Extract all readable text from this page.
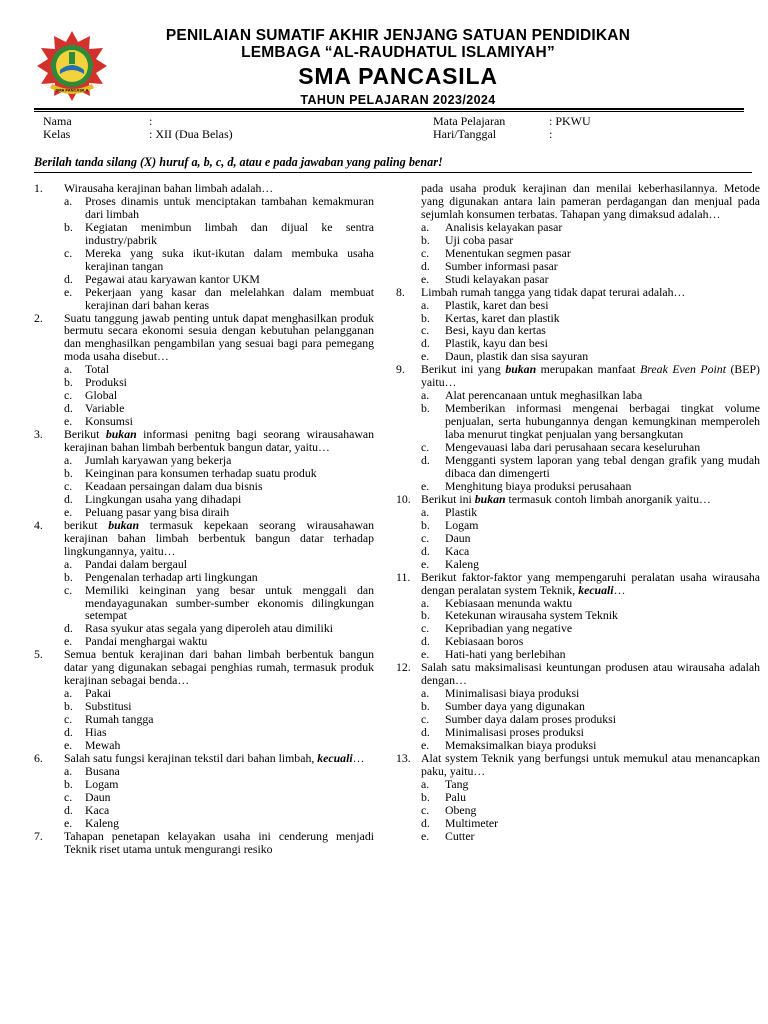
SMA PANCASILA
PENILAIAN SUMATIF AKHIR JENJANG SATUAN PENDIDIKAN
LEMBAGA “AL-RAUDHATUL ISLAMIYAH”
SMA PANCASILA
TAHUN PELAJARAN 2023/2024
Nama	:
Kelas	: XII (Dua Belas)
Mata Pelajaran	: PKWU
Hari/Tanggal	:
Berilah tanda silang (X) huruf a, b, c, d, atau e pada jawaban yang paling benar!
1. Wirausaha kerajinan bahan limbah adalah…
a. Proses dinamis untuk menciptakan tambahan kemakmuran dari limbah
b. Kegiatan menimbun limbah dan dijual ke sentra industry/pabrik
c. Mereka yang suka ikut-ikutan dalam membuka usaha kerajinan tangan
d. Pegawai atau karyawan kantor UKM
e. Pekerjaan yang kasar dan melelahkan dalam membuat kerajinan dari bahan keras
2. Suatu tanggung jawab penting untuk dapat menghasilkan produk bermutu secara ekonomi sesuia dengan kebutuhan pelangganan dan menghasilkan pengambilan yang sesuai bagi para pemegang moda usaha disebut…
a. Total
b. Produksi
c. Global
d. Variable
e. Konsumsi
3. Berikut bukan informasi penitng bagi seorang wirausahawan kerajinan bahan limbah berbentuk bangun datar, yaitu…
a. Jumlah karyawan yang bekerja
b. Keinginan para konsumen terhadap suatu produk
c. Keadaan persaingan dalam dua bisnis
d. Lingkungan usaha yang dihadapi
e. Peluang pasar yang bisa diraih
4. berikut bukan termasuk kepekaan seorang wirausahawan kerajinan bahan limbah berbentuk bangun datar terhadap lingkungannya, yaitu…
a. Pandai dalam bergaul
b. Pengenalan terhadap arti lingkungan
c. Memiliki keinginan yang besar untuk menggali dan mendayagunakan sumber-sumber ekonomis dilingkungan setempat
d. Rasa syukur atas segala yang diperoleh atau dimiliki
e. Pandai menghargai waktu
5. Semua bentuk kerajinan dari bahan limbah berbentuk bangun datar yang digunakan sebagai penghias rumah, termasuk produk kerajinan sebagai benda…
a. Pakai
b. Substitusi
c. Rumah tangga
d. Hias
e. Mewah
6. Salah satu fungsi kerajinan tekstil dari bahan limbah, kecuali…
a. Busana
b. Logam
c. Daun
d. Kaca
e. Kaleng
7. Tahapan penetapan kelayakan usaha ini cenderung menjadi Teknik riset utama untuk mengurangi resiko
pada usaha produk kerajinan dan menilai keberhasilannya. Metode yang digunakan antara lain pameran perdagangan dan menjual pada sejumlah konsumen terbatas. Tahapan yang dimaksud adalah…
a. Analisis kelayakan pasar
b. Uji coba pasar
c. Menentukan segmen pasar
d. Sumber informasi pasar
e. Studi kelayakan pasar
8. Limbah rumah tangga yang tidak dapat terurai adalah…
a. Plastik, karet dan besi
b. Kertas, karet dan plastik
c. Besi, kayu dan kertas
d. Plastik, kayu dan besi
e. Daun, plastik dan sisa sayuran
9. Berikut ini yang bukan merupakan manfaat Break Even Point (BEP) yaitu…
a. Alat perencanaan untuk meghasilkan laba
b. Memberikan informasi mengenai berbagai tingkat volume penjualan, serta hubungannya dengan kemungkinan memperoleh laba menurut tingkat penjualan yang bersangkutan
c. Mengevauasi laba dari perusahaan secara keseluruhan
d. Mengganti system laporan yang tebal dengan grafik yang mudah dibaca dan dimengerti
e. Menghitung biaya produksi perusahaan
10. Berikut ini bukan termasuk contoh limbah anorganik yaitu…
a. Plastik
b. Logam
c. Daun
d. Kaca
e. Kaleng
11. Berikut faktor-faktor yang mempengaruhi peralatan usaha wirausaha dengan peralatan system Teknik, kecuali…
a. Kebiasaan menunda waktu
b. Ketekunan wirausaha system Teknik
c. Kepribadian yang negative
d. Kebiasaan boros
e. Hati-hati yang berlebihan
12. Salah satu maksimalisasi keuntungan produsen atau wirausaha adalah dengan…
a. Minimalisasi biaya produksi
b. Sumber daya yang digunakan
c. Sumber daya dalam proses produksi
d. Minimalisasi proses produksi
e. Memaksimalkan biaya produksi
13. Alat system Teknik yang berfungsi untuk memukul atau menancapkan paku, yaitu…
a. Tang
b. Palu
c. Obeng
d. Multimeter
e. Cutter
